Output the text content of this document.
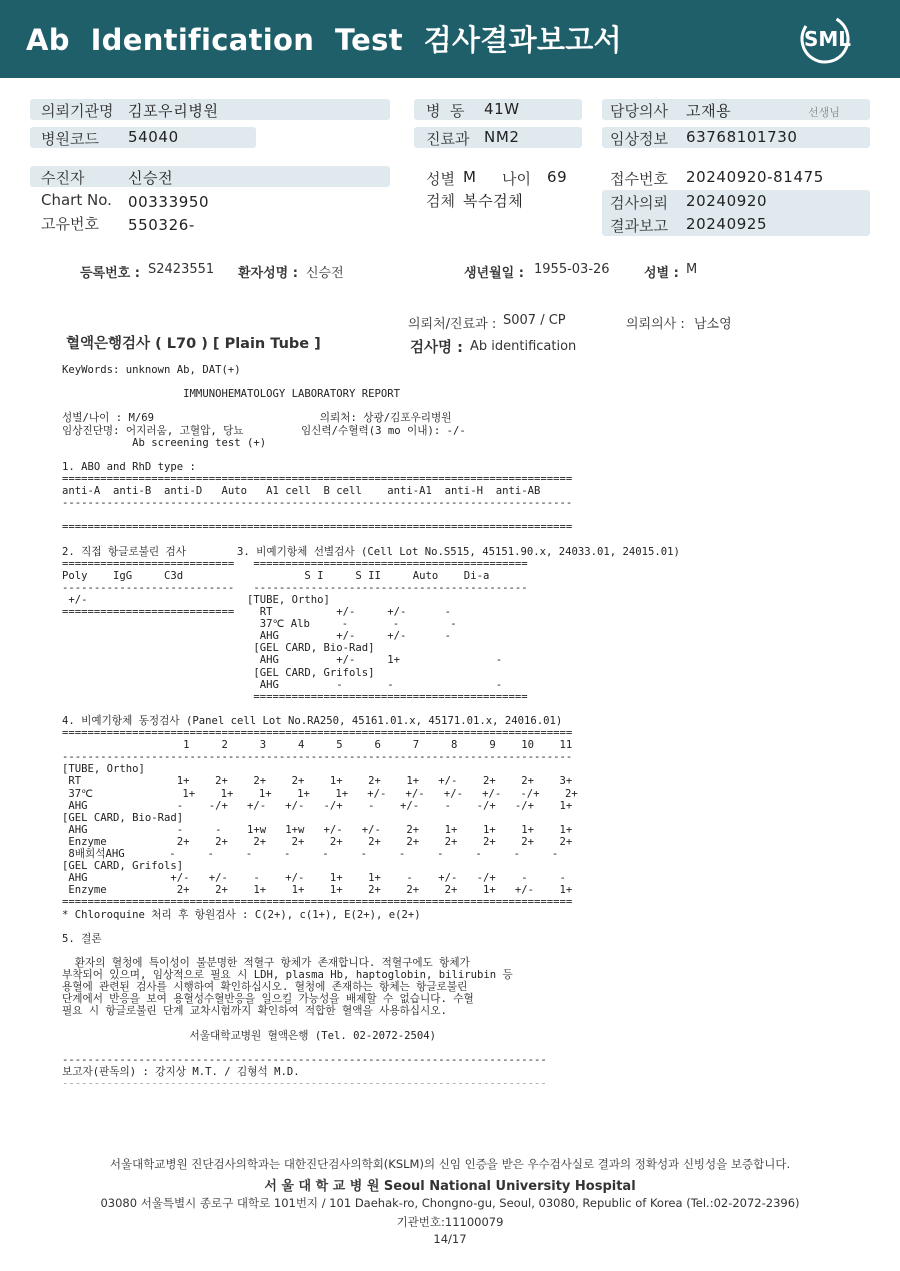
Ab  Identification  Test  검사결과보고서	SML
의뢰기관명 김포우리병원
병원코드 54040
병  동 41W
진료과 NM2
담당의사 고재용	선생님
임상정보 63768101730
수진자	신승전
Chart No. 00333950
고유번호 550326-
성별 M 나이 69
검체 복수검체
접수번호 20240920-81475
검사의뢰 20240920
결과보고 20240925
등록번호 : S2423551 환자성명 : 신승전	생년월일 : 1955-03-26	성별 : M
의뢰처/진료과 : S007 / CP	의뢰의사 : 남소영
혈액은행검사 ( L70 ) [ Plain Tube ]	검사명 : Ab identification
KeyWords: unknown Ab, DAT(+)
IMMUNOHEMATOLOGY LABORATORY REPORT
성별/나이 : M/69                          의뢰처: 상광/김포우리병원
임상진단명: 어지러움, 고혈압, 당뇨         임신력/수혈력(3 mo 이내): -/-
Ab screening test (+)
1. ABO and RhD type :
================================================================================
anti-A  anti-B  anti-D   Auto   A1 cell  B cell    anti-A1  anti-H  anti-AB
--------------------------------------------------------------------------------
================================================================================
2. 직접 항글로불린 검사        3. 비예기항체 선별검사 (Cell Lot No.S515, 45151.90.x, 24033.01, 24015.01)
===========================   ===========================================
Poly    IgG     C3d                   S I     S II     Auto    Di-a
---------------------------   -------------------------------------------
+/-                         [TUBE, Ortho]
===========================    RT          +/-     +/-      -
37℃ Alb     -       -        -
AHG         +/-     +/-      -
[GEL CARD, Bio-Rad]
AHG         +/-     1+               -
[GEL CARD, Grifols]
AHG         -       -                -
===========================================
4. 비예기항체 동정검사 (Panel cell Lot No.RA250, 45161.01.x, 45171.01.x, 24016.01)
================================================================================
1     2     3     4     5     6     7     8     9    10    11
--------------------------------------------------------------------------------
[TUBE, Ortho]
RT               1+    2+    2+    2+    1+    2+    1+   +/-    2+    2+    3+
37℃              1+    1+    1+    1+    1+   +/-   +/-   +/-   +/-   -/+    2+
AHG              -    -/+   +/-   +/-   -/+    -    +/-    -    -/+   -/+    1+
[GEL CARD, Bio-Rad]
AHG              -     -    1+w   1+w   +/-   +/-    2+    1+    1+    1+    1+
Enzyme           2+    2+    2+    2+    2+    2+    2+    2+    2+    2+    2+
8배희석AHG       -     -     -     -     -     -     -     -     -     -     -
[GEL CARD, Grifols]
AHG             +/-   +/-    -    +/-    1+    1+    -    +/-   -/+    -     -
Enzyme           2+    2+    1+    1+    1+    2+    2+    2+    1+   +/-    1+
================================================================================
* Chloroquine 처리 후 항원검사 : C(2+), c(1+), E(2+), e(2+)
5. 결론
환자의 혈청에 특이성이 불분명한 적혈구 항체가 존재합니다. 적혈구에도 항체가
부착되어 있으며, 임상적으로 필요 시 LDH, plasma Hb, haptoglobin, bilirubin 등
용혈에 관련된 검사를 시행하여 확인하십시오. 혈청에 존재하는 항체는 항글로불린
단계에서 반응을 보여 용혈성수혈반응을 일으킬 가능성을 배제할 수 없습니다. 수혈
필요 시 항글로불린 단계 교차시험까지 확인하여 적합한 혈액을 사용하십시오.
서울대학교병원 혈액은행 (Tel. 02-2072-2504)
----------------------------------------------------------------------------
보고자(판독의) : 강지상 M.T. / 김형석 M.D.
----------------------------------------------------------------------------
서울대학교병원 진단검사의학과는 대한진단검사의학회(KSLM)의 신임 인증을 받은 우수검사실로 결과의 정확성과 신빙성을 보증합니다.
서 울 대 학 교 병 원 Seoul National University Hospital
03080 서울특별시 종로구 대학로 101번지 / 101 Daehak-ro, Chongno-gu, Seoul, 03080, Republic of Korea (Tel.:02-2072-2396)
기관번호:11100079
14/17
